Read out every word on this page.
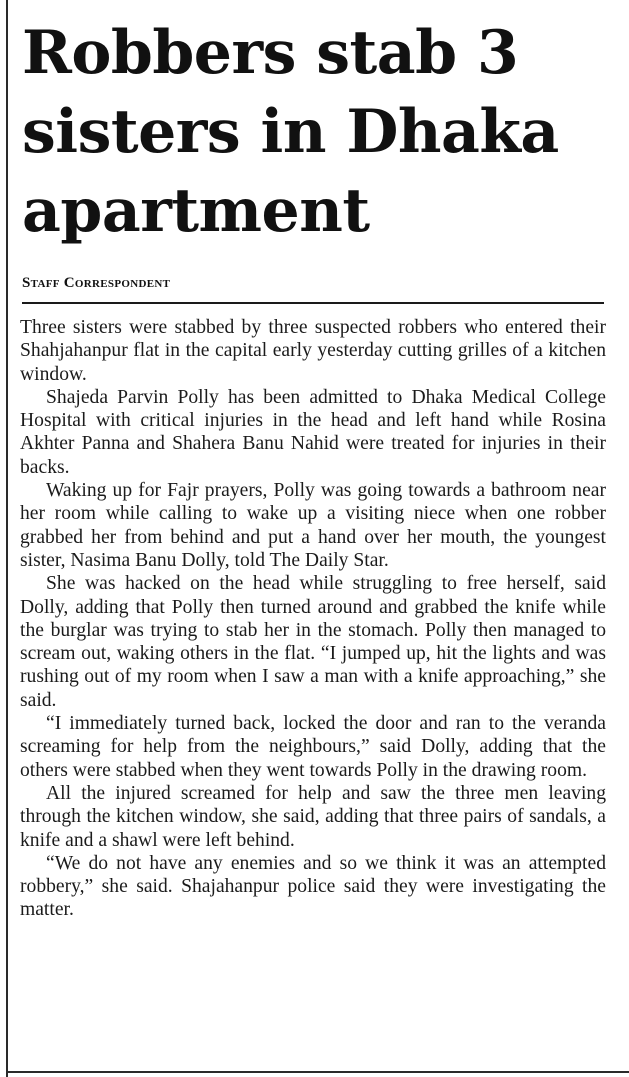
Robbers stab 3 sisters in Dhaka apartment
Staff Correspondent

Three sisters were stabbed by three suspected robbers who entered their Shahjahanpur flat in the capital early yesterday cutting grilles of a kitchen window.

Shajeda Parvin Polly has been admitted to Dhaka Medical College Hospital with critical injuries in the head and left hand while Rosina Akhter Panna and Shahera Banu Nahid were treated for injuries in their backs.

Waking up for Fajr prayers, Polly was going towards a bathroom near her room while calling to wake up a visiting niece when one robber grabbed her from behind and put a hand over her mouth, the youngest sister, Nasima Banu Dolly, told The Daily Star.

She was hacked on the head while struggling to free herself, said Dolly, adding that Polly then turned around and grabbed the knife while the burglar was trying to stab her in the stomach. Polly then managed to scream out, waking others in the flat. “I jumped up, hit the lights and was rushing out of my room when I saw a man with a knife approaching,” she said.

“I immediately turned back, locked the door and ran to the veranda screaming for help from the neighbours,” said Dolly, adding that the others were stabbed when they went towards Polly in the drawing room.

All the injured screamed for help and saw the three men leaving through the kitchen window, she said, adding that three pairs of sandals, a knife and a shawl were left behind.

“We do not have any enemies and so we think it was an attempted robbery,” she said. Shajahanpur police said they were investigating the matter.
